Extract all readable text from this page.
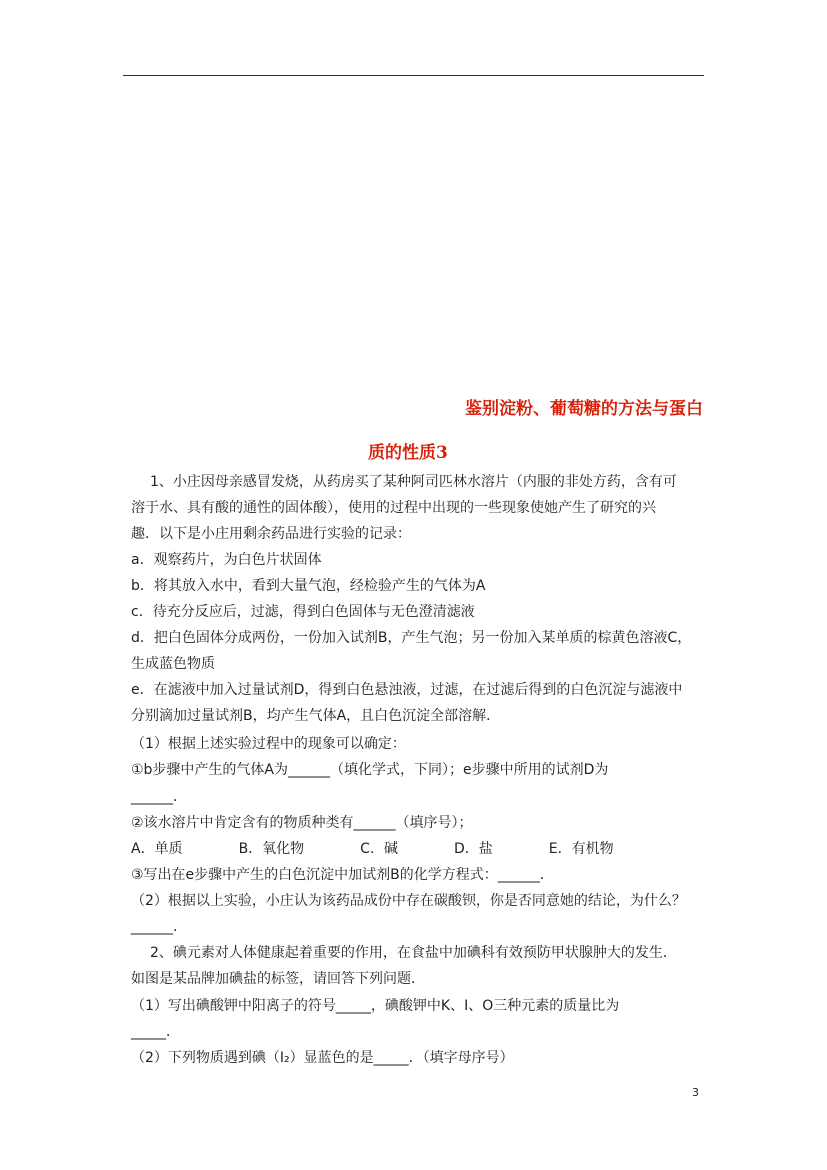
鉴别淀粉、葡萄糖的方法与蛋白
质的性质3
1、小庄因母亲感冒发烧，从药房买了某种阿司匹林水溶片（内服的非处方药，含有可
溶于水、具有酸的通性的固体酸），使用的过程中出现的一些现象使她产生了研究的兴
趣．以下是小庄用剩余药品进行实验的记录：
a．观察药片，为白色片状固体
b．将其放入水中，看到大量气泡，经检验产生的气体为A
c．待充分反应后，过滤，得到白色固体与无色澄清滤液
d．把白色固体分成两份，一份加入试剂B，产生气泡；另一份加入某单质的棕黄色溶液C，
生成蓝色物质
e．在滤液中加入过量试剂D，得到白色悬浊液，过滤，在过滤后得到的白色沉淀与滤液中
分别滴加过量试剂B，均产生气体A，且白色沉淀全部溶解．
（1）根据上述实验过程中的现象可以确定：
①b步骤中产生的气体A为______（填化学式，下同）；e步骤中所用的试剂D为
______．
②该水溶片中肯定含有的物质种类有______（填序号）；
A．单质　　　　B．氧化物　　　　C．碱　　　　D．盐　　　　E．有机物
③写出在e步骤中产生的白色沉淀中加试剂B的化学方程式：______．
（2）根据以上实验，小庄认为该药品成份中存在碳酸钡，你是否同意她的结论，为什么？
______．
2、碘元素对人体健康起着重要的作用，在食盐中加碘科有效预防甲状腺肿大的发生．
如图是某品牌加碘盐的标签，请回答下列问题．
（1）写出碘酸钾中阳离子的符号_____，碘酸钾中K、I、O三种元素的质量比为
_____．
（2）下列物质遇到碘（I₂）显蓝色的是_____．（填字母序号）
3
